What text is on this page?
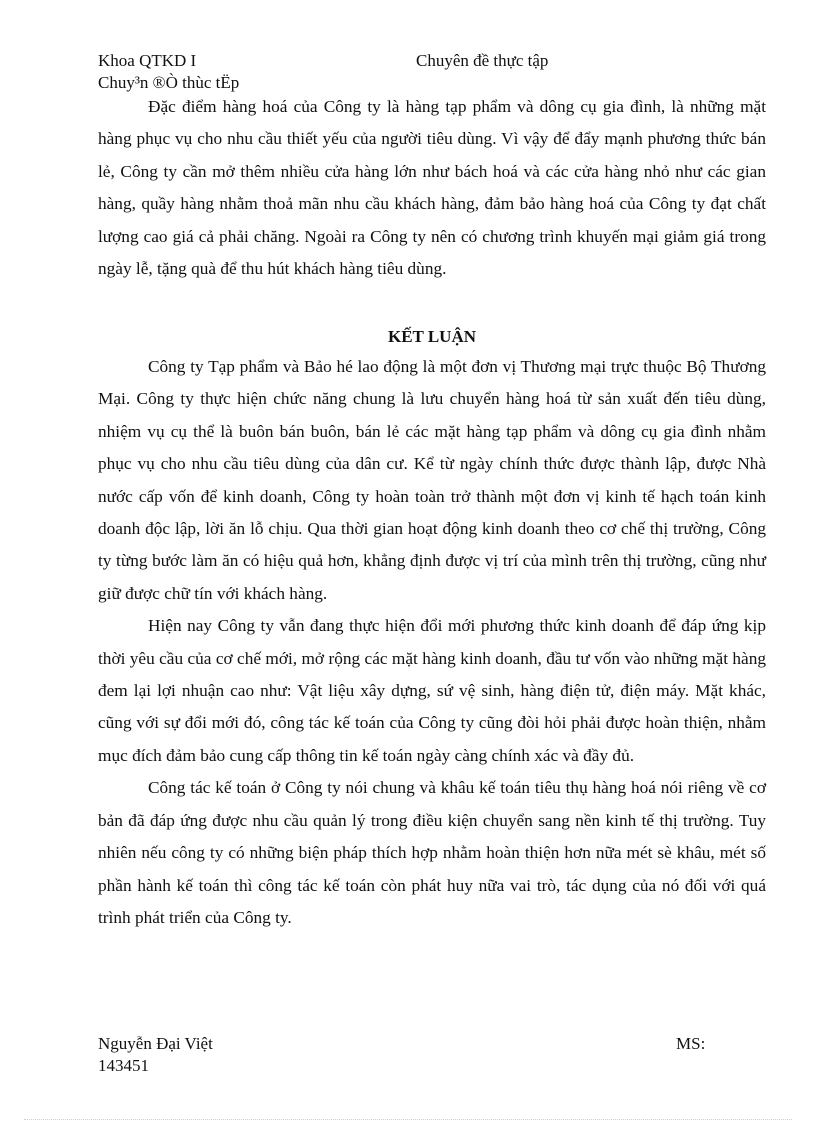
Khoa QTKD I	Chuyên đề thực tập
Chuy³n ®Ò thùc tËp

Đặc điểm hàng hoá của Công ty là hàng tạp phẩm và dông cụ gia đình, là những mặt hàng phục vụ cho nhu cầu thiết yếu của người tiêu dùng. Vì vậy để đẩy mạnh phương thức bán lẻ, Công ty cần mở thêm nhiều cửa hàng lớn như bách hoá và các cửa hàng nhỏ như các gian hàng, quầy hàng nhằm thoả mãn nhu cầu khách hàng, đảm bảo hàng hoá của Công ty đạt chất lượng cao giá cả phải chăng. Ngoài ra Công ty nên có chương trình khuyến mại giảm giá trong ngày lễ, tặng quà để thu hút khách hàng tiêu dùng.

KẾT LUẬN

Công ty Tạp phẩm và Bảo hé lao động là một đơn vị Thương mại trực thuộc Bộ Thương Mại. Công ty thực hiện chức năng chung là lưu chuyển hàng hoá từ sản xuất đến tiêu dùng, nhiệm vụ cụ thể là buôn bán buôn, bán lẻ các mặt hàng tạp phẩm và dông cụ gia đình nhằm phục vụ cho nhu cầu tiêu dùng của dân cư. Kể từ ngày chính thức được thành lập, được Nhà nước cấp vốn để kinh doanh, Công ty hoàn toàn trở thành một đơn vị kinh tế hạch toán kinh doanh độc lập, lời ăn lỗ chịu. Qua thời gian hoạt động kinh doanh theo cơ chế thị trường, Công ty từng bước làm ăn có hiệu quả hơn, khẳng định được vị trí của mình trên thị trường, cũng như giữ được chữ tín với khách hàng.

Hiện nay Công ty vẫn đang thực hiện đổi mới phương thức kinh doanh để đáp ứng kịp thời yêu cầu của cơ chế mới, mở rộng các mặt hàng kinh doanh, đầu tư vốn vào những mặt hàng đem lại lợi nhuận cao như: Vật liệu xây dựng, sứ vệ sinh, hàng điện tử, điện máy. Mặt khác, cũng với sự đổi mới đó, công tác kế toán của Công ty cũng đòi hỏi phải được hoàn thiện, nhằm mục đích đảm bảo cung cấp thông tin kế toán ngày càng chính xác và đầy đủ.

Công tác kế toán ở Công ty nói chung và khâu kế toán tiêu thụ hàng hoá nói riêng về cơ bản đã đáp ứng được nhu cầu quản lý trong điều kiện chuyển sang nền kinh tế thị trường. Tuy nhiên nếu công ty có những biện pháp thích hợp nhằm hoàn thiện hơn nữa mét sè khâu, mét số phần hành kế toán thì công tác kế toán còn phát huy nữa vai trò, tác dụng của nó đối với quá trình phát triển của Công ty.

Nguyễn Đại Việt	MS:
143451
